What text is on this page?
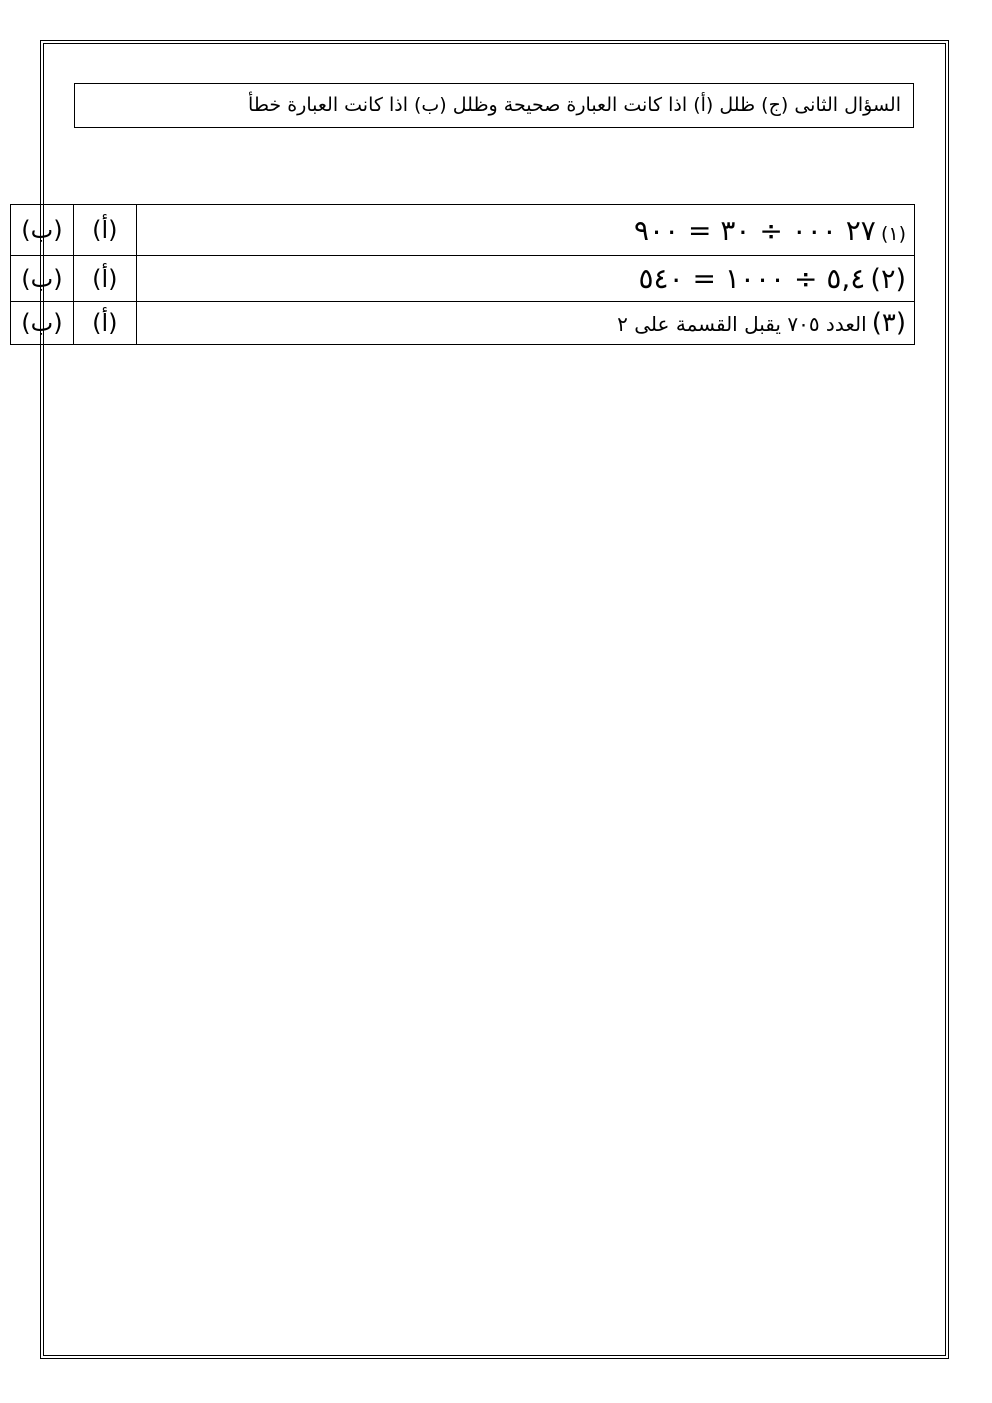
السؤال الثانى (ج) ظلل (أ) اذا كانت العبارة صحيحة وظلل (ب) اذا كانت العبارة خطأ
(١) ٢٧ ٠٠٠ ÷ ٣٠ = ٩٠٠	(أ)	(ب)
(٢) ٥,٤ ÷ ١٠٠٠ = ٥٤٠	(أ)	(ب)
(٣) العدد ٧٠٥ يقبل القسمة على ٢	(أ)	(ب)
